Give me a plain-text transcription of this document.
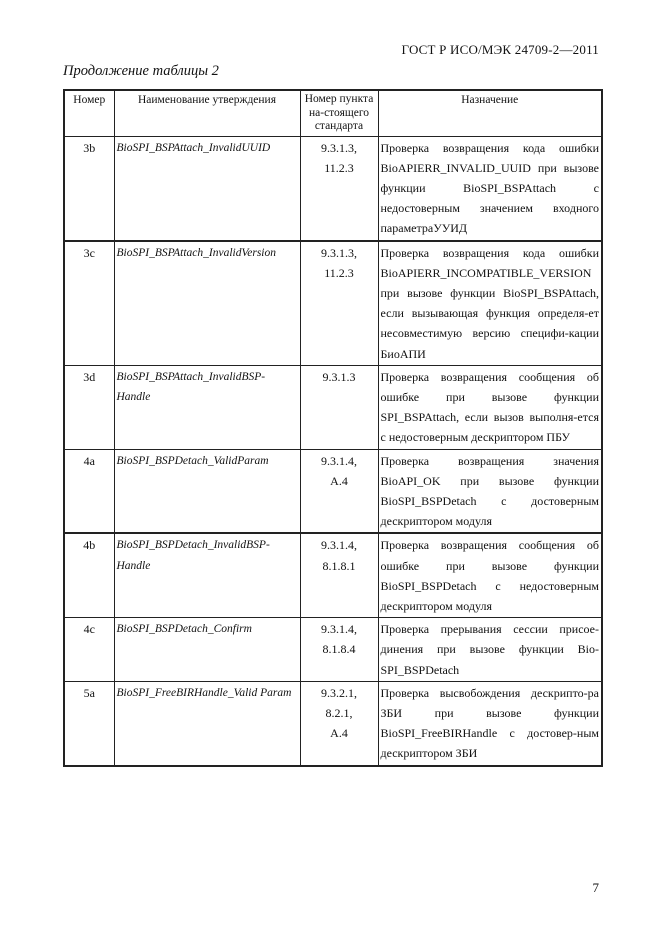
ГОСТ Р ИСО/МЭК 24709-2—2011
Продолжение таблицы 2
Номер	Наименование утверждения	Номер пункта на-стоящего стандарта	Назначение
3b	BioSPI_BSPAttach_InvalidUUID	9.3.1.3, 11.2.3	Проверка возвращения кода ошибки BioAPIERR_INVALID_UUID при вызове функции BioSPI_BSPAttach с недостоверным значением входного параметраУУИД
3c	BioSPI_BSPAttach_InvalidVersion	9.3.1.3, 11.2.3	Проверка возвращения кода ошибки BioAPIERR_INCOMPATIBLE_VERSION при вызове функции BioSPI_BSPAttach, если вызывающая функция определя-ет несовместимую версию специфи-кации БиоАПИ
3d	BioSPI_BSPAttach_InvalidBSP-Handle	9.3.1.3	Проверка возвращения сообщения об ошибке при вызове функции SPI_BSPAttach, если вызов выполня-ется с недостоверным дескриптором ПБУ
4a	BioSPI_BSPDetach_ValidParam	9.3.1.4, A.4	Проверка возвращения значения BioAPI_OK при вызове функции BioSPI_BSPDetach с достоверным дескриптором модуля
4b	BioSPI_BSPDetach_InvalidBSP-Handle	9.3.1.4, 8.1.8.1	Проверка возвращения сообщения об ошибке при вызове функции BioSPI_BSPDetach с недостоверным дескриптором модуля
4c	BioSPI_BSPDetach_Confirm	9.3.1.4, 8.1.8.4	Проверка прерывания сессии присое-динения при вызове функции Bio-SPI_BSPDetach
5a	BioSPI_FreeBIRHandle_Valid Param	9.3.2.1, 8.2.1, A.4	Проверка высвобождения дескрипто-ра ЗБИ при вызове функции BioSPI_FreeBIRHandle с достовер-ным дескриптором ЗБИ
7
